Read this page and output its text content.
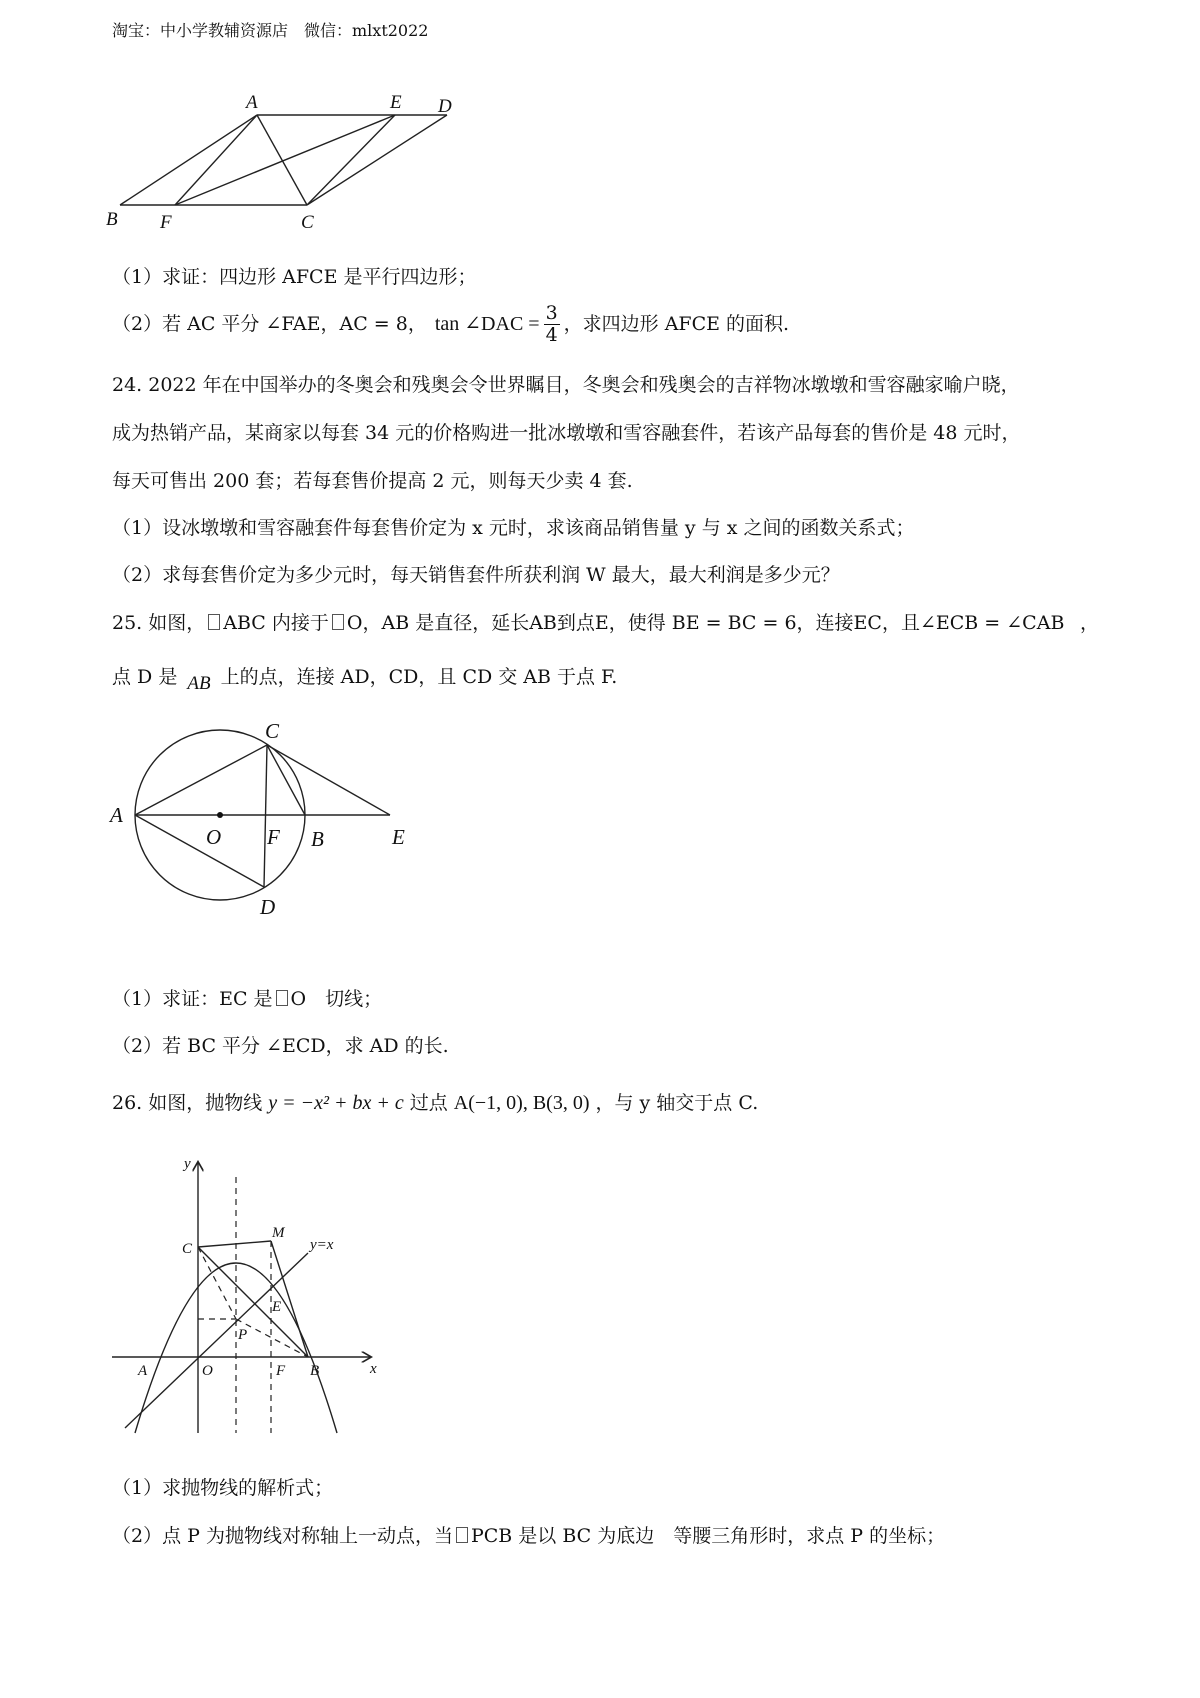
淘宝：中小学教辅资源店　微信：mlxt2022
A	E D
B F	C
（1）求证：四边形 AFCE 是平行四边形；
（2）若 AC 平分 ∠FAE，AC = 8， tan ∠DAC = $\frac{3}{4}$ ，求四边形 AFCE 的面积.
24. 2022 年在中国举办的冬奥会和残奥会令世界瞩目，冬奥会和残奥会的吉祥物冰墩墩和雪容融家喻户晓，
成为热销产品，某商家以每套 34 元的价格购进一批冰墩墩和雪容融套件，若该产品每套的售价是 48 元时，
每天可售出 200 套；若每套售价提高 2 元，则每天少卖 4 套.
（1）设冰墩墩和雪容融套件每套售价定为 x 元时，求该商品销售量 y 与 x 之间的函数关系式；
（2）求每套售价定为多少元时，每天销售套件所获利润 W 最大，最大利润是多少元？
25. 如图， ABC 内接于 O，AB 是直径，延长AB到点E，使得 BE = BC = 6，连接EC，且∠ECB = ∠CAB ，
点 D 是 AB 上的点，连接 AD，CD，且 CD 交 AB 于点 F.
C
A
O F B	E
D
（1）求证：EC 是 O　切线；
（2）若 BC 平分 ∠ECD，求 AD 的长.
26. 如图，抛物线 y = −x² + bx + c 过点 A(−1, 0), B(3, 0) ，与 y 轴交于点 C.
y
x
C
M
y=x
E
P
A	O	F B
（1）求抛物线的解析式；
（2）点 P 为抛物线对称轴上一动点，当 PCB 是以 BC 为底边　等腰三角形时，求点 P 的坐标；
